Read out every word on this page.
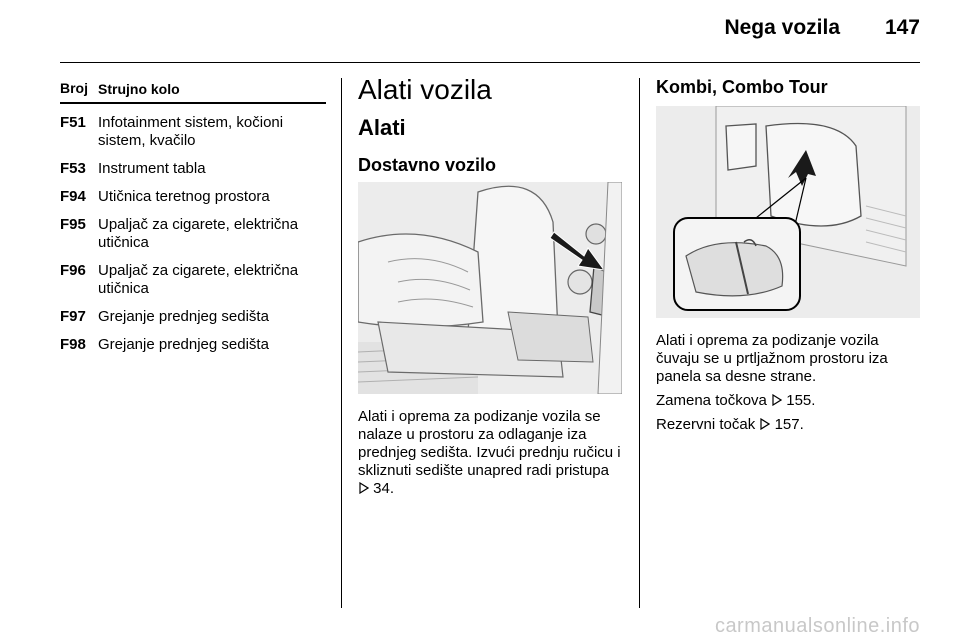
Nega vozila 147
Broj Strujno kolo
F51 Infotainment sistem, kočioni sistem, kvačilo
F53 Instrument tabla
F94 Utičnica teretnog prostora
F95 Upaljač za cigarete, električna utičnica
F96 Upaljač za cigarete, električna utičnica
F97 Grejanje prednjeg sedišta
F98 Grejanje prednjeg sedišta
Alati vozila
Alati
Dostavno vozilo

Alati i oprema za podizanje vozila se nalaze u prostoru za odlaganje iza prednjeg sedišta. Izvući prednju ručicu i skliznuti sedište unapred radi pristupa  34.

Kombi, Combo Tour

Alati i oprema za podizanje vozila čuvaju se u prtljažnom prostoru iza panela sa desne strane.

Zamena točkova 155.

Rezervni točak 157.

carmanualsonline.info
